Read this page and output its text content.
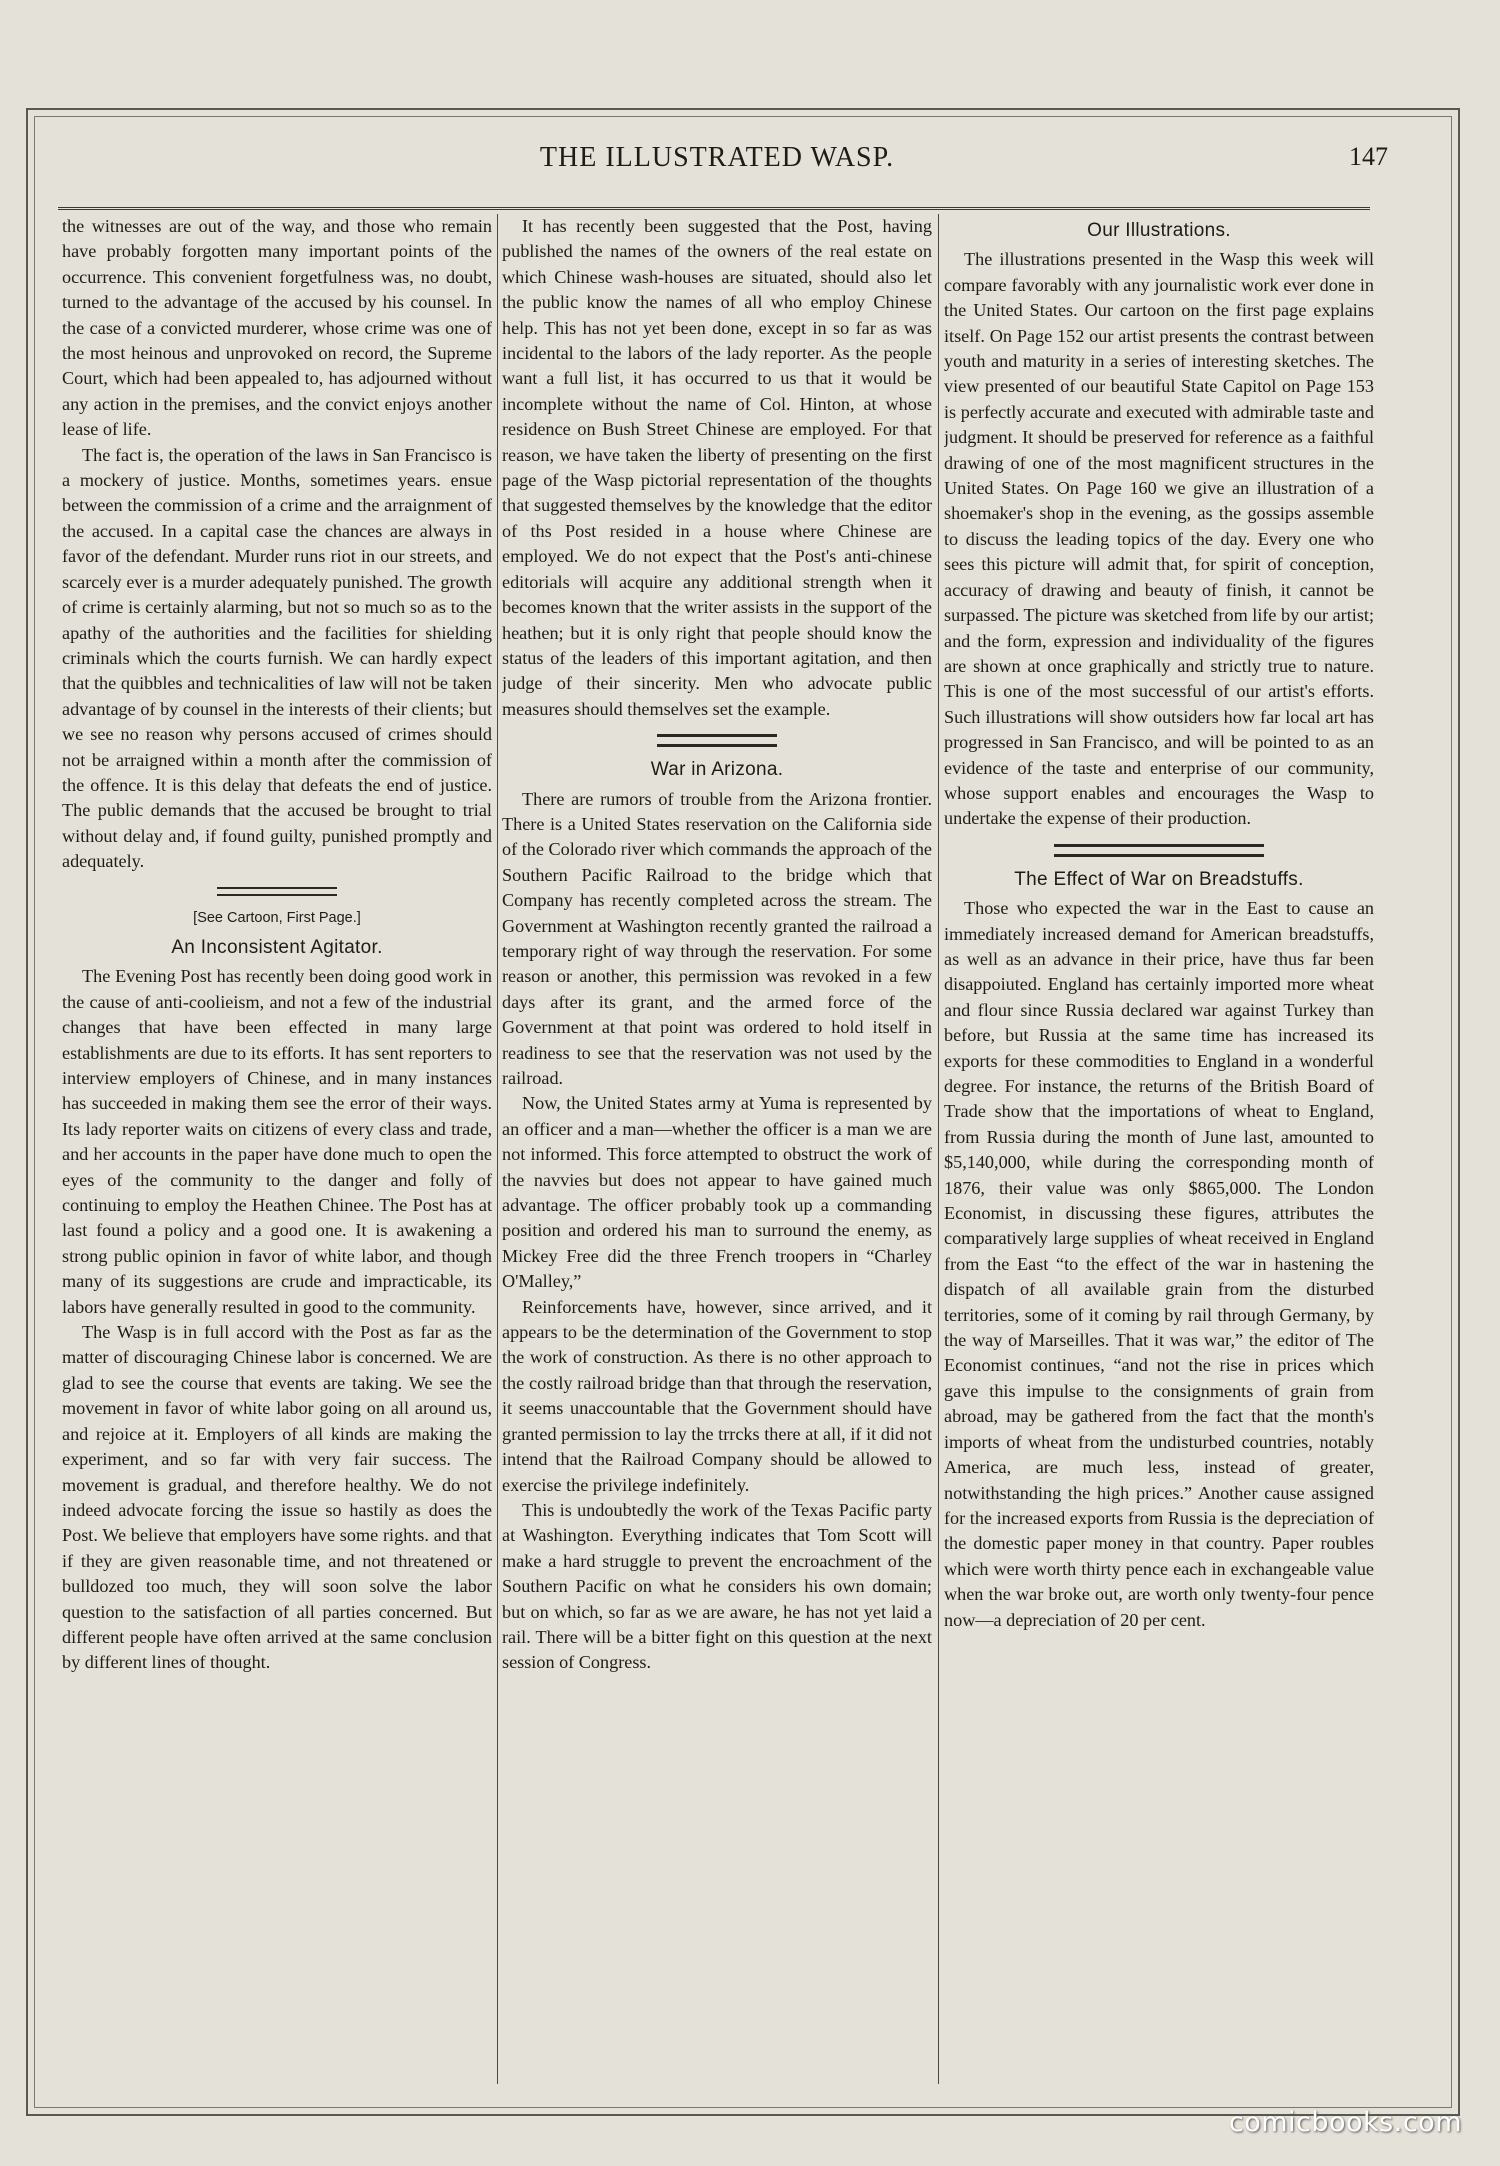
THE ILLUSTRATED WASP.	147

the witnesses are out of the way, and those who remain have probably forgotten many important points of the occurrence. This convenient forgetfulness was, no doubt, turned to the advantage of the accused by his counsel. In the case of a convicted murderer, whose crime was one of the most heinous and unprovoked on record, the Supreme Court, which had been appealed to, has adjourned without any action in the premises, and the convict enjoys another lease of life.

The fact is, the operation of the laws in San Francisco is a mockery of justice. Months, sometimes years. ensue between the commission of a crime and the arraignment of the accused. In a capital case the chances are always in favor of the defendant. Murder runs riot in our streets, and scarcely ever is a murder adequately punished. The growth of crime is certainly alarming, but not so much so as to the apathy of the authorities and the facilities for shielding criminals which the courts furnish. We can hardly expect that the quibbles and technicalities of law will not be taken advantage of by counsel in the interests of their clients; but we see no reason why persons accused of crimes should not be arraigned within a month after the commission of the offence. It is this delay that defeats the end of justice. The public demands that the accused be brought to trial without delay and, if found guilty, punished promptly and adequately.

[See Cartoon, First Page.]
An Inconsistent Agitator.

The Evening Post has recently been doing good work in the cause of anti-coolieism, and not a few of the industrial changes that have been effected in many large establishments are due to its efforts. It has sent reporters to interview employers of Chinese, and in many instances has succeeded in making them see the error of their ways. Its lady reporter waits on citizens of every class and trade, and her accounts in the paper have done much to open the eyes of the community to the danger and folly of continuing to employ the Heathen Chinee. The Post has at last found a policy and a good one. It is awakening a strong public opinion in favor of white labor, and though many of its suggestions are crude and impracticable, its labors have generally resulted in good to the community.

The Wasp is in full accord with the Post as far as the matter of discouraging Chinese labor is concerned. We are glad to see the course that events are taking. We see the movement in favor of white labor going on all around us, and rejoice at it. Employers of all kinds are making the experiment, and so far with very fair success. The movement is gradual, and therefore healthy. We do not indeed advocate forcing the issue so hastily as does the Post. We believe that employers have some rights. and that if they are given reasonable time, and not threatened or bulldozed too much, they will soon solve the labor question to the satisfaction of all parties concerned. But different people have often arrived at the same conclusion by different lines of thought.

It has recently been suggested that the Post, having published the names of the owners of the real estate on which Chinese wash-houses are situated, should also let the public know the names of all who employ Chinese help. This has not yet been done, except in so far as was incidental to the labors of the lady reporter. As the people want a full list, it has occurred to us that it would be incomplete without the name of Col. Hinton, at whose residence on Bush Street Chinese are employed. For that reason, we have taken the liberty of presenting on the first page of the Wasp pictorial representation of the thoughts that suggested themselves by the knowledge that the editor of ths Post resided in a house where Chinese are employed. We do not expect that the Post's anti-chinese editorials will acquire any additional strength when it becomes known that the writer assists in the support of the heathen; but it is only right that people should know the status of the leaders of this important agitation, and then judge of their sincerity. Men who advocate public measures should themselves set the example.

War in Arizona.

There are rumors of trouble from the Arizona frontier. There is a United States reservation on the California side of the Colorado river which commands the approach of the Southern Pacific Railroad to the bridge which that Company has recently completed across the stream. The Government at Washington recently granted the railroad a temporary right of way through the reservation. For some reason or another, this permission was revoked in a few days after its grant, and the armed force of the Government at that point was ordered to hold itself in readiness to see that the reservation was not used by the railroad.

Now, the United States army at Yuma is represented by an officer and a man—whether the officer is a man we are not informed. This force attempted to obstruct the work of the navvies but does not appear to have gained much advantage. The officer probably took up a commanding position and ordered his man to surround the enemy, as Mickey Free did the three French troopers in “Charley O'Malley,”

Reinforcements have, however, since arrived, and it appears to be the determination of the Government to stop the work of construction. As there is no other approach to the costly railroad bridge than that through the reservation, it seems unaccountable that the Government should have granted permission to lay the trrcks there at all, if it did not intend that the Railroad Company should be allowed to exercise the privilege indefinitely.

This is undoubtedly the work of the Texas Pacific party at Washington. Everything indicates that Tom Scott will make a hard struggle to prevent the encroachment of the Southern Pacific on what he considers his own domain; but on which, so far as we are aware, he has not yet laid a rail. There will be a bitter fight on this question at the next session of Congress.

Our Illustrations.

The illustrations presented in the Wasp this week will compare favorably with any journalistic work ever done in the United States. Our cartoon on the first page explains itself. On Page 152 our artist presents the contrast between youth and maturity in a series of interesting sketches. The view presented of our beautiful State Capitol on Page 153 is perfectly accurate and executed with admirable taste and judgment. It should be preserved for reference as a faithful drawing of one of the most magnificent structures in the United States. On Page 160 we give an illustration of a shoemaker's shop in the evening, as the gossips assemble to discuss the leading topics of the day. Every one who sees this picture will admit that, for spirit of conception, accuracy of drawing and beauty of finish, it cannot be surpassed. The picture was sketched from life by our artist; and the form, expression and individuality of the figures are shown at once graphically and strictly true to nature. This is one of the most successful of our artist's efforts. Such illustrations will show outsiders how far local art has progressed in San Francisco, and will be pointed to as an evidence of the taste and enterprise of our community, whose support enables and encourages the Wasp to undertake the expense of their production.

The Effect of War on Breadstuffs.

Those who expected the war in the East to cause an immediately increased demand for American breadstuffs, as well as an advance in their price, have thus far been disappoiuted. England has certainly imported more wheat and flour since Russia declared war against Turkey than before, but Russia at the same time has increased its exports for these commodities to England in a wonderful degree. For instance, the returns of the British Board of Trade show that the importations of wheat to England, from Russia during the month of June last, amounted to $5,140,000, while during the corresponding month of 1876, their value was only $865,000. The London Economist, in discussing these figures, attributes the comparatively large supplies of wheat received in England from the East “to the effect of the war in hastening the dispatch of all available grain from the disturbed territories, some of it coming by rail through Germany, by the way of Marseilles. That it was war,” the editor of The Economist continues, “and not the rise in prices which gave this impulse to the consignments of grain from abroad, may be gathered from the fact that the month's imports of wheat from the undisturbed countries, notably America, are much less, instead of greater, notwithstanding the high prices.” Another cause assigned for the increased exports from Russia is the depreciation of the domestic paper money in that country. Paper roubles which were worth thirty pence each in exchangeable value when the war broke out, are worth only twenty-four pence now—a depreciation of 20 per cent.

comicbooks.com
